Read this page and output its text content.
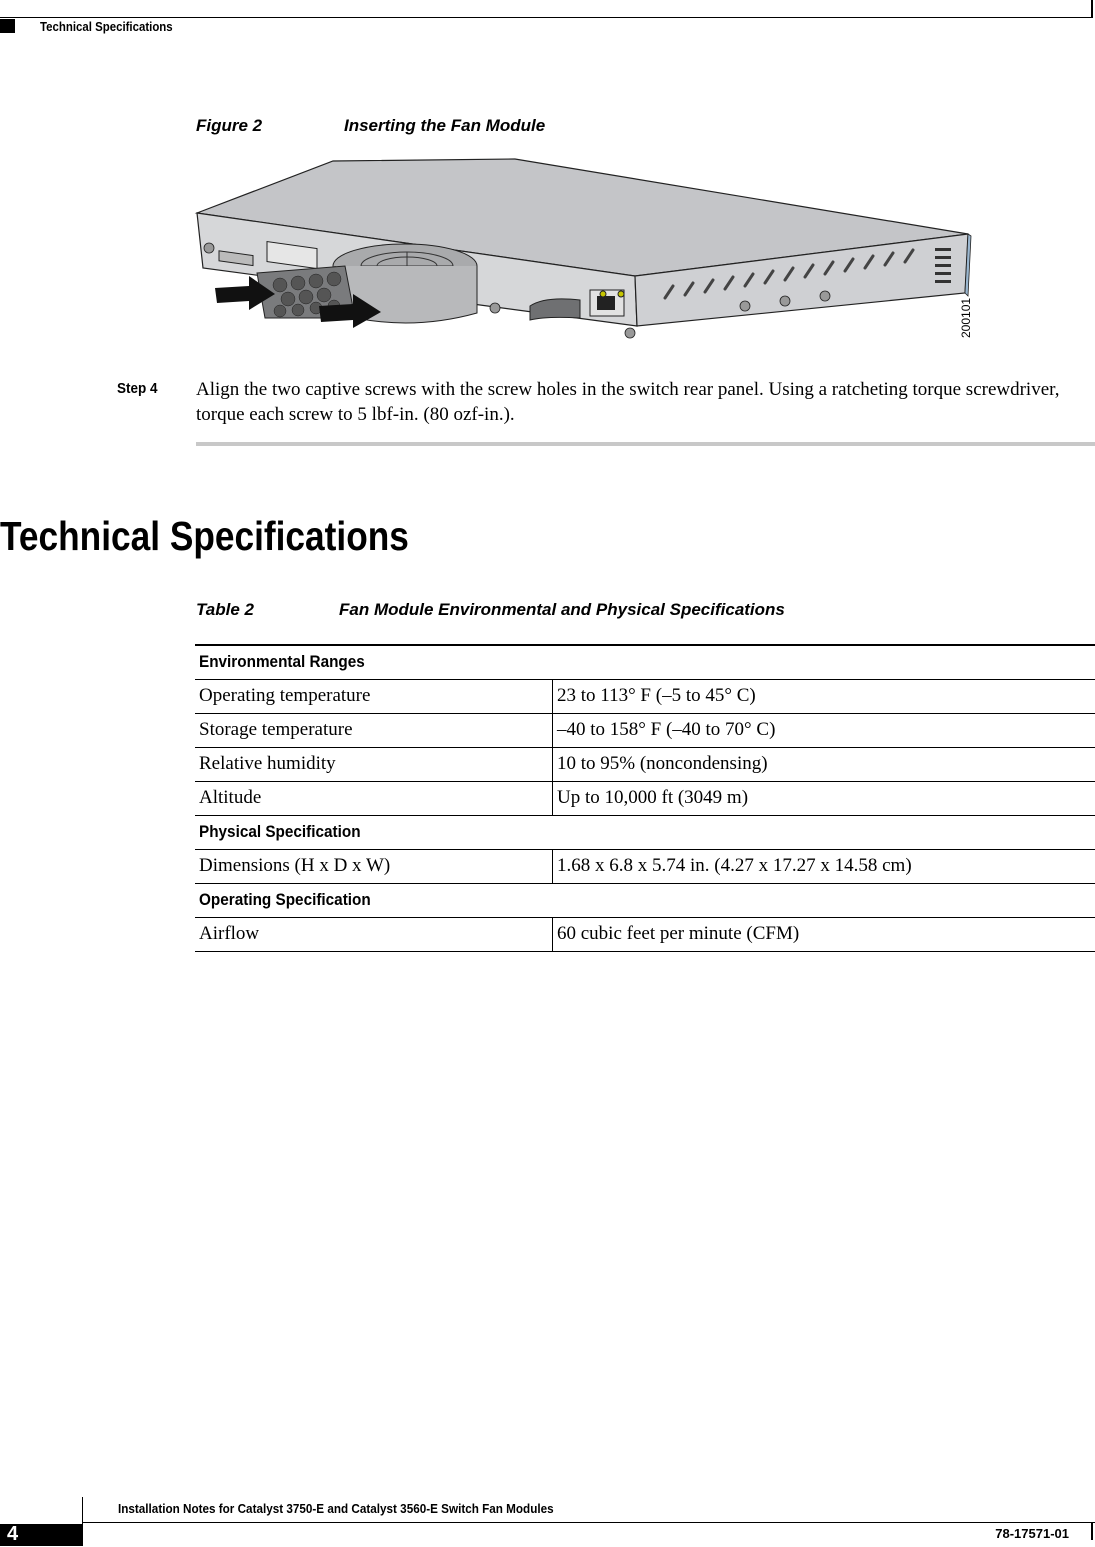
Technical Specifications
Figure 2	Inserting the Fan Module
200101
Step 4 Align the two captive screws with the screw holes in the switch rear panel. Using a ratcheting torque screwdriver, torque each screw to 5 lbf-in. (80 ozf-in.).
Technical Specifications
Table 2	Fan Module Environmental and Physical Specifications
Environmental Ranges	
Operating temperature	23 to 113° F (–5 to 45° C)
Storage temperature	–40 to 158° F (–40 to 70° C)
Relative humidity	10 to 95% (noncondensing)
Altitude	Up to 10,000 ft (3049 m)
Physical Specification	
Dimensions (H x D x W)	1.68 x 6.8 x 5.74 in. (4.27 x 17.27 x 14.58 cm)
Operating Specification	
Airflow	60 cubic feet per minute (CFM)
Installation Notes for Catalyst 3750-E and Catalyst 3560-E Switch Fan Modules
4	78-17571-01
